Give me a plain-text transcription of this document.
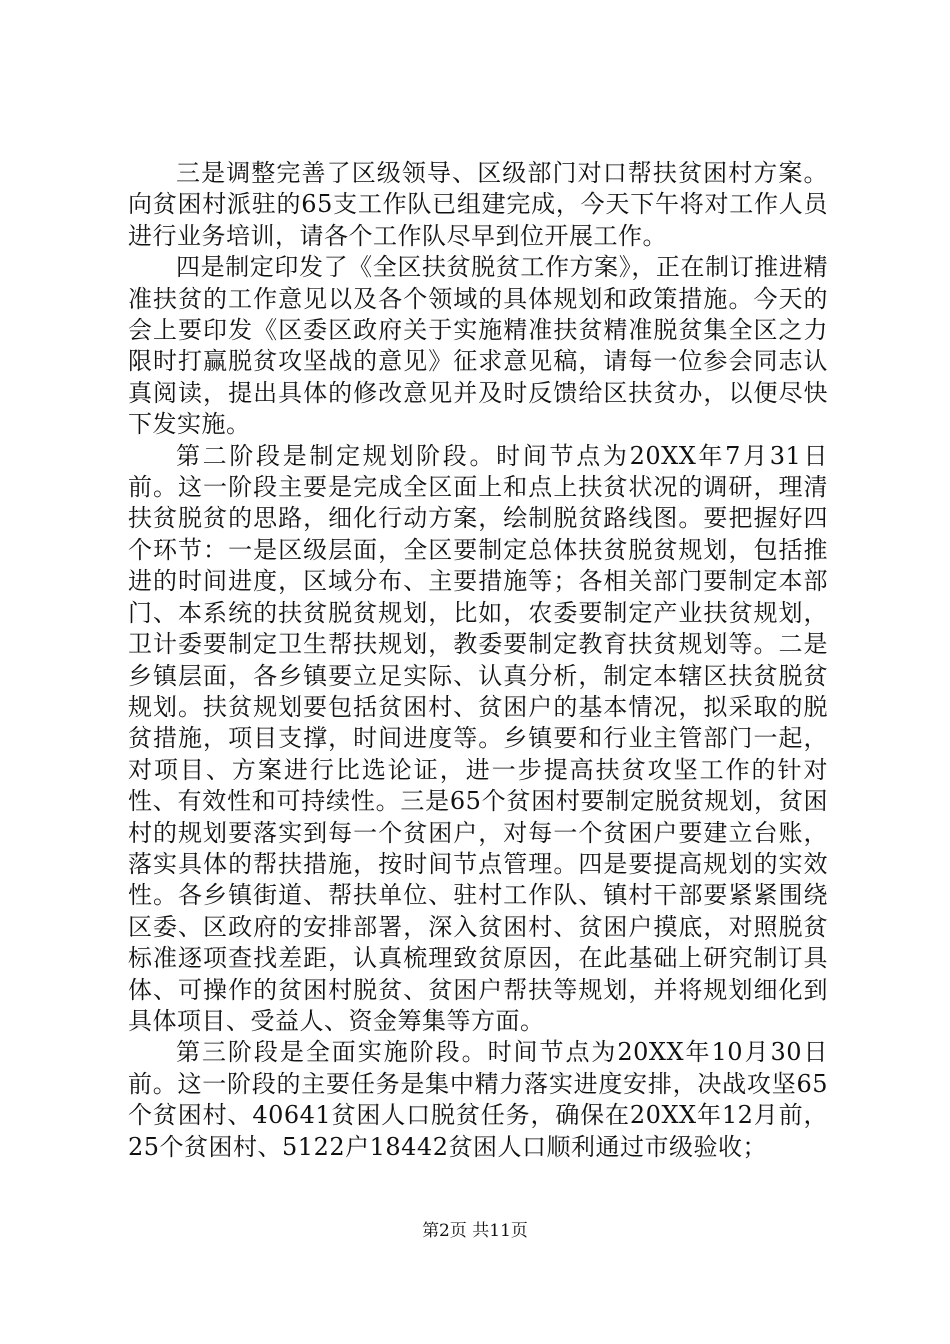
三是调整完善了区级领导、区级部门对口帮扶贫困村方案。向贫困村派驻的65支工作队已组建完成，今天下午将对工作人员进行业务培训，请各个工作队尽早到位开展工作。

四是制定印发了《全区扶贫脱贫工作方案》，正在制订推进精准扶贫的工作意见以及各个领域的具体规划和政策措施。今天的会上要印发《区委区政府关于实施精准扶贫精准脱贫集全区之力限时打赢脱贫攻坚战的意见》征求意见稿，请每一位参会同志认真阅读，提出具体的修改意见并及时反馈给区扶贫办，以便尽快下发实施。

第二阶段是制定规划阶段。时间节点为20XX年7月31日前。这一阶段主要是完成全区面上和点上扶贫状况的调研，理清扶贫脱贫的思路，细化行动方案，绘制脱贫路线图。要把握好四个环节：一是区级层面，全区要制定总体扶贫脱贫规划，包括推进的时间进度，区域分布、主要措施等；各相关部门要制定本部门、本系统的扶贫脱贫规划，比如，农委要制定产业扶贫规划，卫计委要制定卫生帮扶规划，教委要制定教育扶贫规划等。二是乡镇层面，各乡镇要立足实际、认真分析，制定本辖区扶贫脱贫规划。扶贫规划要包括贫困村、贫困户的基本情况，拟采取的脱贫措施，项目支撑，时间进度等。乡镇要和行业主管部门一起，对项目、方案进行比选论证，进一步提高扶贫攻坚工作的针对性、有效性和可持续性。三是65个贫困村要制定脱贫规划，贫困村的规划要落实到每一个贫困户，对每一个贫困户要建立台账，落实具体的帮扶措施，按时间节点管理。四是要提高规划的实效性。各乡镇街道、帮扶单位、驻村工作队、镇村干部要紧紧围绕区委、区政府的安排部署，深入贫困村、贫困户摸底，对照脱贫标准逐项查找差距，认真梳理致贫原因，在此基础上研究制订具体、可操作的贫困村脱贫、贫困户帮扶等规划，并将规划细化到具体项目、受益人、资金筹集等方面。

第三阶段是全面实施阶段。时间节点为20XX年10月30日前。这一阶段的主要任务是集中精力落实进度安排，决战攻坚65个贫困村、40641贫困人口脱贫任务，确保在20XX年12月前，25个贫困村、5122户18442贫困人口顺利通过市级验收；

第2页 共11页
